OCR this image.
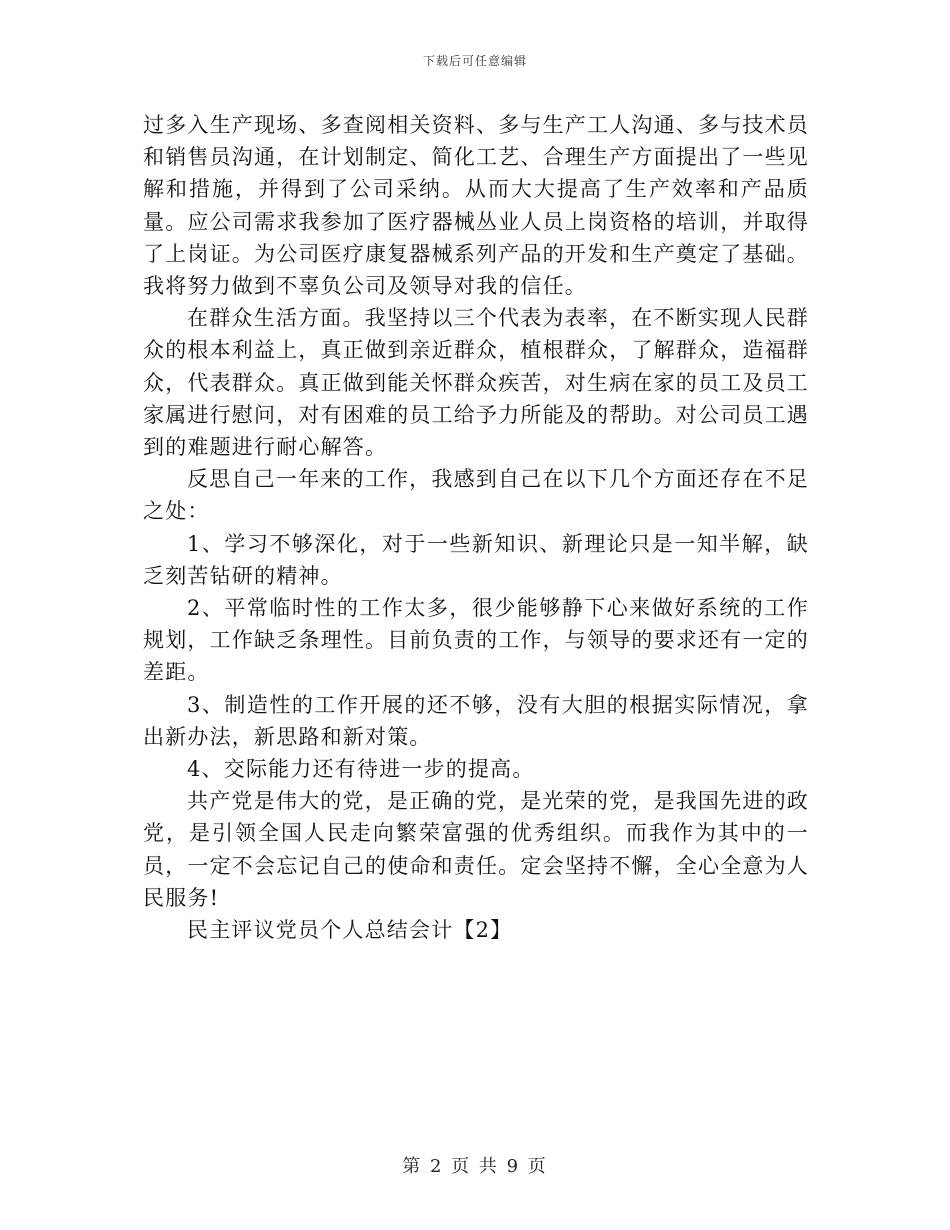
下载后可任意编辑

过多入生产现场、多查阅相关资料、多与生产工人沟通、多与技术员和销售员沟通，在计划制定、简化工艺、合理生产方面提出了一些见解和措施，并得到了公司采纳。从而大大提高了生产效率和产品质量。应公司需求我参加了医疗器械丛业人员上岗资格的培训，并取得了上岗证。为公司医疗康复器械系列产品的开发和生产奠定了基础。我将努力做到不辜负公司及领导对我的信任。

在群众生活方面。我坚持以三个代表为表率，在不断实现人民群众的根本利益上，真正做到亲近群众，植根群众，了解群众，造福群众，代表群众。真正做到能关怀群众疾苦，对生病在家的员工及员工家属进行慰问，对有困难的员工给予力所能及的帮助。对公司员工遇到的难题进行耐心解答。

反思自己一年来的工作，我感到自己在以下几个方面还存在不足之处：

1、学习不够深化，对于一些新知识、新理论只是一知半解，缺乏刻苦钻研的精神。

2、平常临时性的工作太多，很少能够静下心来做好系统的工作规划，工作缺乏条理性。目前负责的工作，与领导的要求还有一定的差距。

3、制造性的工作开展的还不够，没有大胆的根据实际情况，拿出新办法，新思路和新对策。

4、交际能力还有待进一步的提高。

共产党是伟大的党，是正确的党，是光荣的党，是我国先进的政党，是引领全国人民走向繁荣富强的优秀组织。而我作为其中的一员，一定不会忘记自己的使命和责任。定会坚持不懈，全心全意为人民服务!

民主评议党员个人总结会计【2】

第 2 页 共 9 页
